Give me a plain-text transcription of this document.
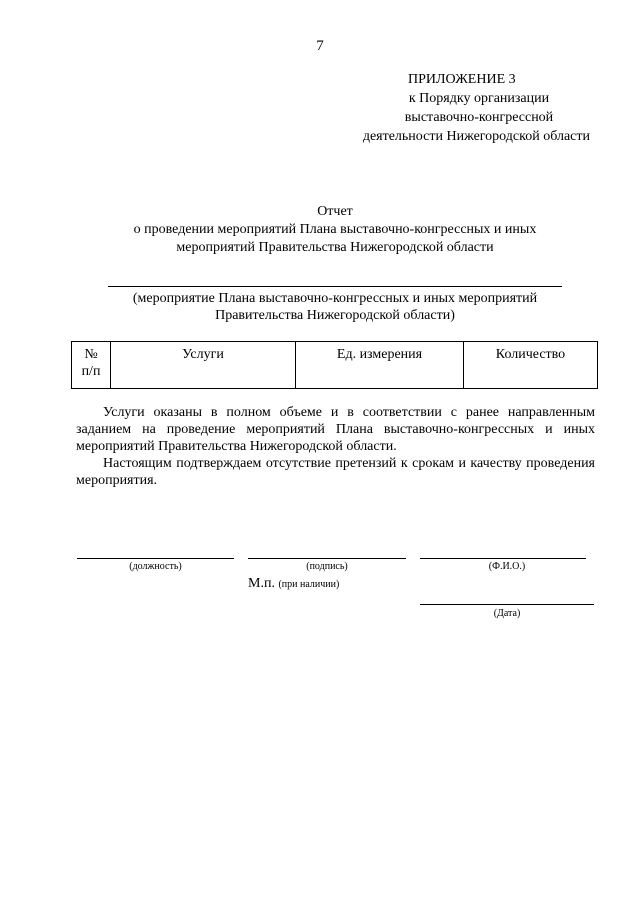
7
ПРИЛОЖЕНИЕ 3
к Порядку организации
выставочно-конгрессной
деятельности Нижегородской области
Отчет
о проведении мероприятий Плана выставочно-конгрессных и иных
мероприятий Правительства Нижегородской области
(мероприятие Плана выставочно-конгрессных и иных мероприятий
Правительства Нижегородской области)
№
п/п
	Услуги	Ед. измерения	Количество

Услуги оказаны в полном объеме и в соответствии с ранее направленным заданием на проведение мероприятий Плана выставочно-конгрессных и иных мероприятий Правительства Нижегородской области.

Настоящим подтверждаем отсутствие претензий к срокам и качеству проведения мероприятия.

(должность)	(подпись)	(Ф.И.О.)
М.п. (при наличии)
(Дата)
